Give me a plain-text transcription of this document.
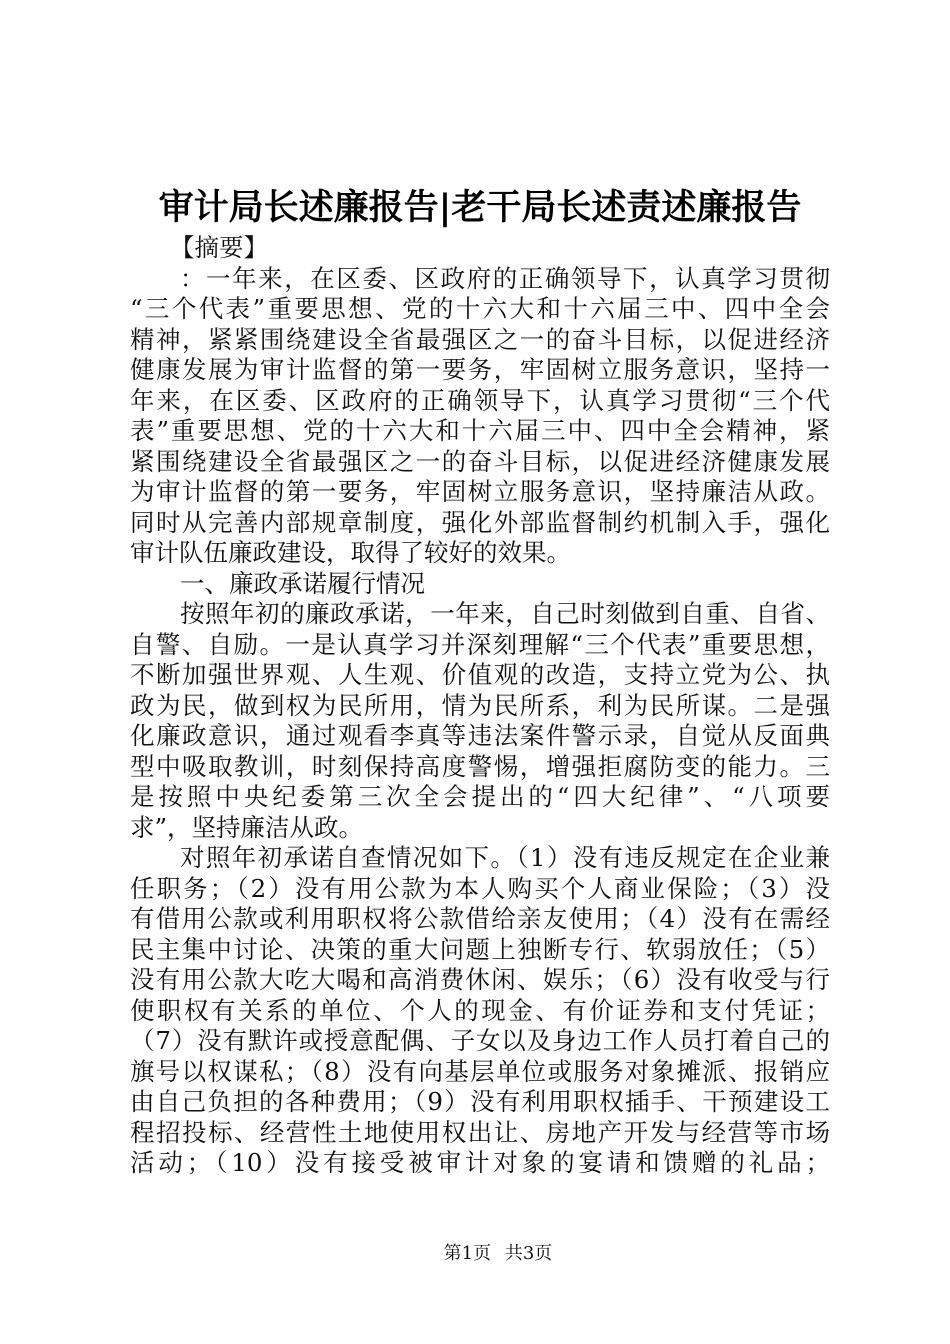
审计局长述廉报告|老干局长述责述廉报告
【摘要】
：一年来，在区委、区政府的正确领导下，认真学习贯彻
“三个代表”重要思想、党的十六大和十六届三中、四中全会
精神，紧紧围绕建设全省最强区之一的奋斗目标，以促进经济
健康发展为审计监督的第一要务，牢固树立服务意识，坚持一
年来，在区委、区政府的正确领导下，认真学习贯彻“三个代
表”重要思想、党的十六大和十六届三中、四中全会精神，紧
紧围绕建设全省最强区之一的奋斗目标，以促进经济健康发展
为审计监督的第一要务，牢固树立服务意识，坚持廉洁从政。
同时从完善内部规章制度，强化外部监督制约机制入手，强化
审计队伍廉政建设，取得了较好的效果。
一、廉政承诺履行情况
按照年初的廉政承诺，一年来，自己时刻做到自重、自省、
自警、自励。一是认真学习并深刻理解“三个代表”重要思想，
不断加强世界观、人生观、价值观的改造，支持立党为公、执
政为民，做到权为民所用，情为民所系，利为民所谋。二是强
化廉政意识，通过观看李真等违法案件警示录，自觉从反面典
型中吸取教训，时刻保持高度警惕，增强拒腐防变的能力。三
是按照中央纪委第三次全会提出的“四大纪律”、“八项要
求”，坚持廉洁从政。
对照年初承诺自查情况如下。（1）没有违反规定在企业兼
任职务；（2）没有用公款为本人购买个人商业保险；（3）没
有借用公款或利用职权将公款借给亲友使用；（4）没有在需经
民主集中讨论、决策的重大问题上独断专行、软弱放任；（5）
没有用公款大吃大喝和高消费休闲、娱乐；（6）没有收受与行
使职权有关系的单位、个人的现金、有价证券和支付凭证；
（7）没有默许或授意配偶、子女以及身边工作人员打着自己的
旗号以权谋私；（8）没有向基层单位或服务对象摊派、报销应
由自己负担的各种费用；（9）没有利用职权插手、干预建设工
程招投标、经营性土地使用权出让、房地产开发与经营等市场
活动；（10）没有接受被审计对象的宴请和馈赠的礼品；
第1页 共3页
